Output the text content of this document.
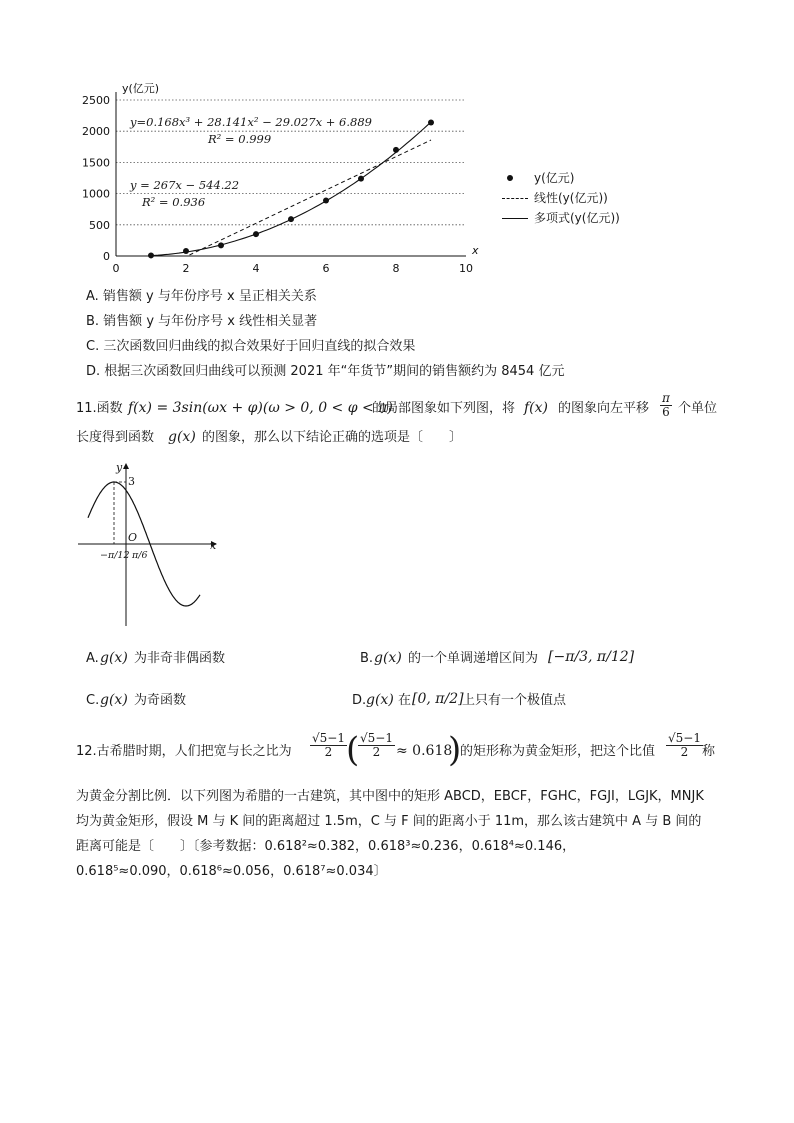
0
500
1000
1500
2000
2500
0	2	4	6	8	10
x
y(亿元)
y=0.168x³ + 28.141x² − 29.027x + 6.889
R² = 0.999
y = 267x − 544.22
R² = 0.936
y(亿元)
线性(y(亿元))
多项式(y(亿元))
A. 销售额 y 与年份序号 x 呈正相关关系
B. 销售额 y 与年份序号 x 线性相关显著
C. 三次函数回归曲线的拟合效果好于回归直线的拟合效果
D. 根据三次函数回归曲线可以预测 2021 年“年货节”期间的销售额约为 8454 亿元
11.函数 f(x) = 3sin(ωx + φ)(ω > 0, 0 < φ < π)
的局部图象如下列图，将 f(x) 的图象向左平移 $\frac{\pi}{6}$ 个单位
长度得到函数 g(x) 的图象，那么以下结论正确的选项是〔　　〕
y
3
O
x
−π/12 π/6
A. g(x) 为非奇非偶函数	B. g(x) 的一个单调递增区间为 [−π/3, π/12]
C. g(x) 为奇函数	D. g(x) 在 [0, π/2]
上只有一个极值点
12.古希腊时期，人们把宽与长之比为 $\frac{√5-1}{2}$ (
$\frac{√5-1}{2} \approx 0.618$
)
的矩形称为黄金矩形，把这个比值 $\frac{√5-1}{2}$ 称
为黄金分割比例．以下列图为希腊的一古建筑，其中图中的矩形 ABCD，EBCF，FGHC，FGJI，LGJK，MNJK
均为黄金矩形，假设 M 与 K 间的距离超过 1.5m，C 与 F 间的距离小于 11m，那么该古建筑中 A 与 B 间的
距离可能是〔　　〕〔参考数据：0.618²≈0.382，0.618³≈0.236，0.618⁴≈0.146，
0.618⁵≈0.090，0.618⁶≈0.056，0.618⁷≈0.034〕
